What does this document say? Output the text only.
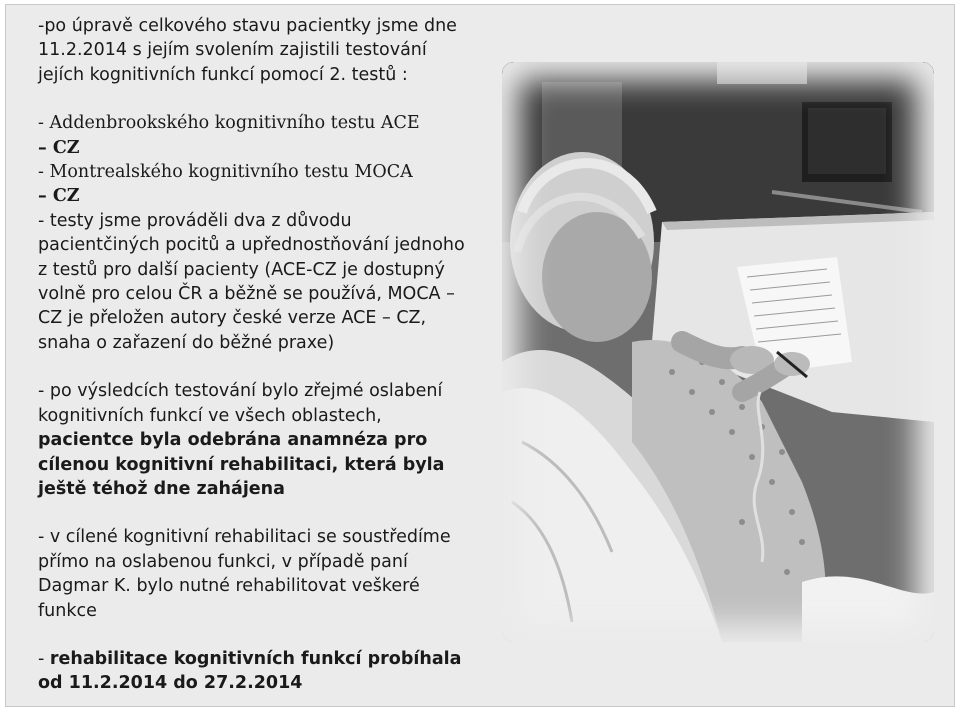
-po úpravě celkového stavu pacientky jsme dne
11.2.2014 s jejím svolením zajistili testování
jejích kognitivních funkcí pomocí 2. testů :
- Addenbrookského kognitivního testu ACE
– CZ
- Montrealského kognitivního testu MOCA
– CZ
- testy jsme prováděli dva z důvodu
pacientčiných pocitů a upřednostňování jednoho
z testů pro další pacienty (ACE-CZ je dostupný
volně pro celou ČR a běžně se používá, MOCA –
CZ je přeložen autory české verze ACE – CZ,
snaha o zařazení do běžné praxe)
- po výsledcích testování bylo zřejmé oslabení
kognitivních funkcí ve všech oblastech,
pacientce byla odebrána anamnéza pro
cílenou kognitivní rehabilitaci, která byla
ještě téhož dne zahájena
- v cílené kognitivní rehabilitaci se soustředíme
přímo na oslabenou funkci, v případě paní
Dagmar K. bylo nutné rehabilitovat veškeré
funkce
- rehabilitace kognitivních funkcí probíhala
od 11.2.2014 do 27.2.2014
